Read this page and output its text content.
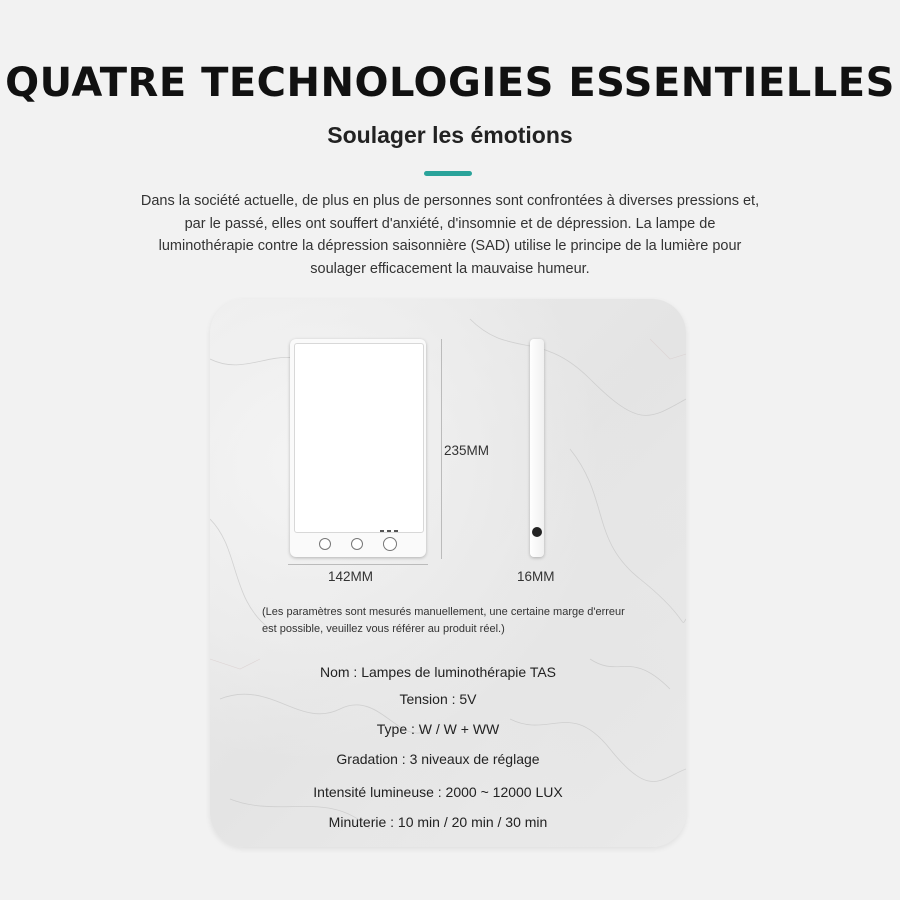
QUATRE TECHNOLOGIES ESSENTIELLES
Soulager les émotions

Dans la société actuelle, de plus en plus de personnes sont confrontées à diverses pressions et, par le passé, elles ont souffert d'anxiété, d'insomnie et de dépression. La lampe de luminothérapie contre la dépression saisonnière (SAD) utilise le principe de la lumière pour soulager efficacement la mauvaise humeur.

235MM
142MM	16MM

(Les paramètres sont mesurés manuellement, une certaine marge d'erreur est possible, veuillez vous référer au produit réel.)

Nom : Lampes de luminothérapie TAS

Tension : 5V

Type : W / W + WW

Gradation : 3 niveaux de réglage

Intensité lumineuse : 2000 ~ 12000 LUX

Minuterie : 10 min / 20 min / 30 min
